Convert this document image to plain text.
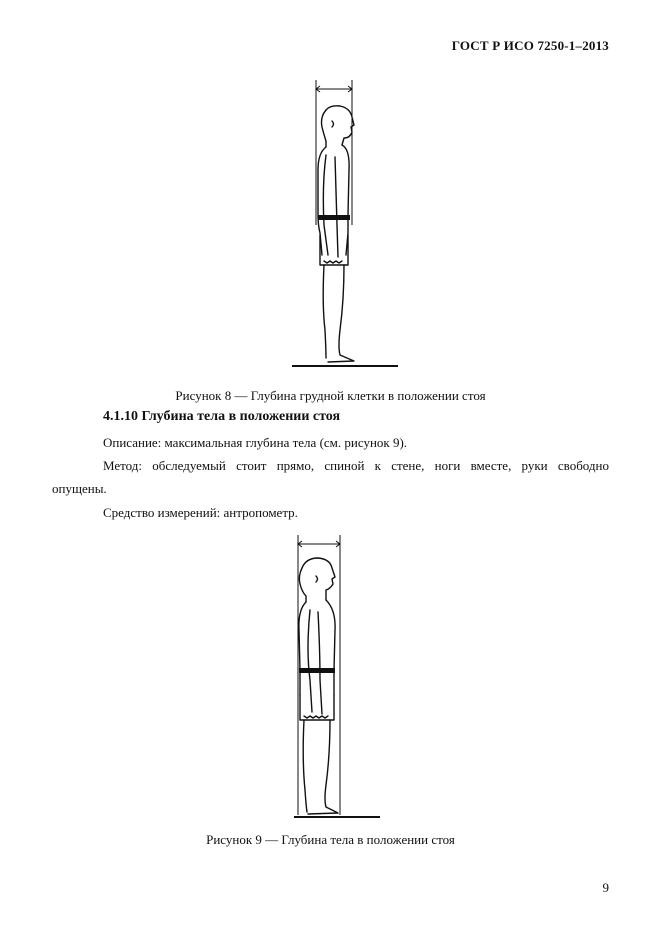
ГОСТ Р ИСО 7250-1–2013
Рисунок 8 — Глубина грудной клетки в положении стоя
4.1.10 Глубина тела в положении стоя
Описание: максимальная глубина тела (см. рисунок 9).
Метод: обследуемый стоит прямо, спиной к стене, ноги вместе, руки свободно
опущены.
Средство измерений: антропометр.
Рисунок 9 — Глубина тела в положении стоя
9
